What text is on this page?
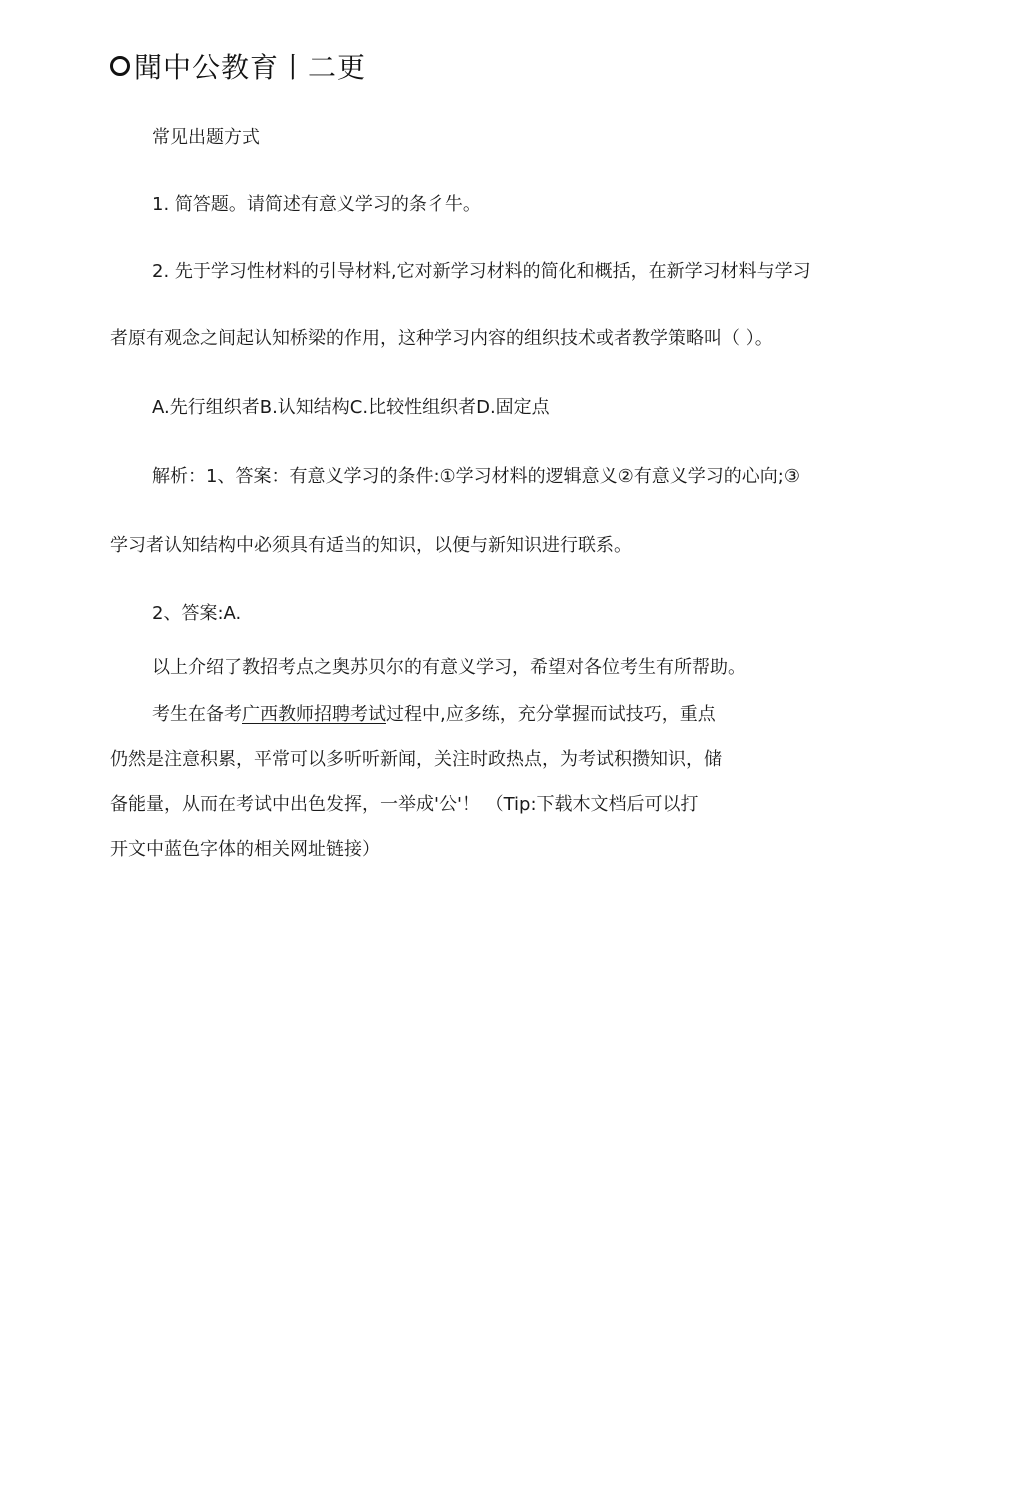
聞中公教育丨二更
常见出题方式
1. 简答题。请简述有意义学习的条彳牛。
2. 先于学习性材料的引导材料,它对新学习材料的简化和概括，在新学习材料与学习
者原有观念之间起认知桥梁的作用，这种学习内容的组织技术或者教学策略叫（ ）。
A.先行组织者B.认知结构C.比较性组织者D.固定点
解析：1、答案：有意义学习的条件:①学习材料的逻辑意义②有意义学习的心向;③
学习者认知结构中必须具有适当的知识，以便与新知识进行联系。
2、答案:A.
以上介绍了教招考点之奥苏贝尔的有意义学习，希望对各位考生有所帮助。
考生在备考广西教师招聘考试过程中,应多练，充分掌握而试技巧，重点
仍然是注意积累，平常可以多听听新闻，关注时政热点，为考试积攒知识，储
备能量，从而在考试中出色发挥，一举成'公'！ （Tip:下载木文档后可以打
开文中蓝色字体的相关网址链接）
